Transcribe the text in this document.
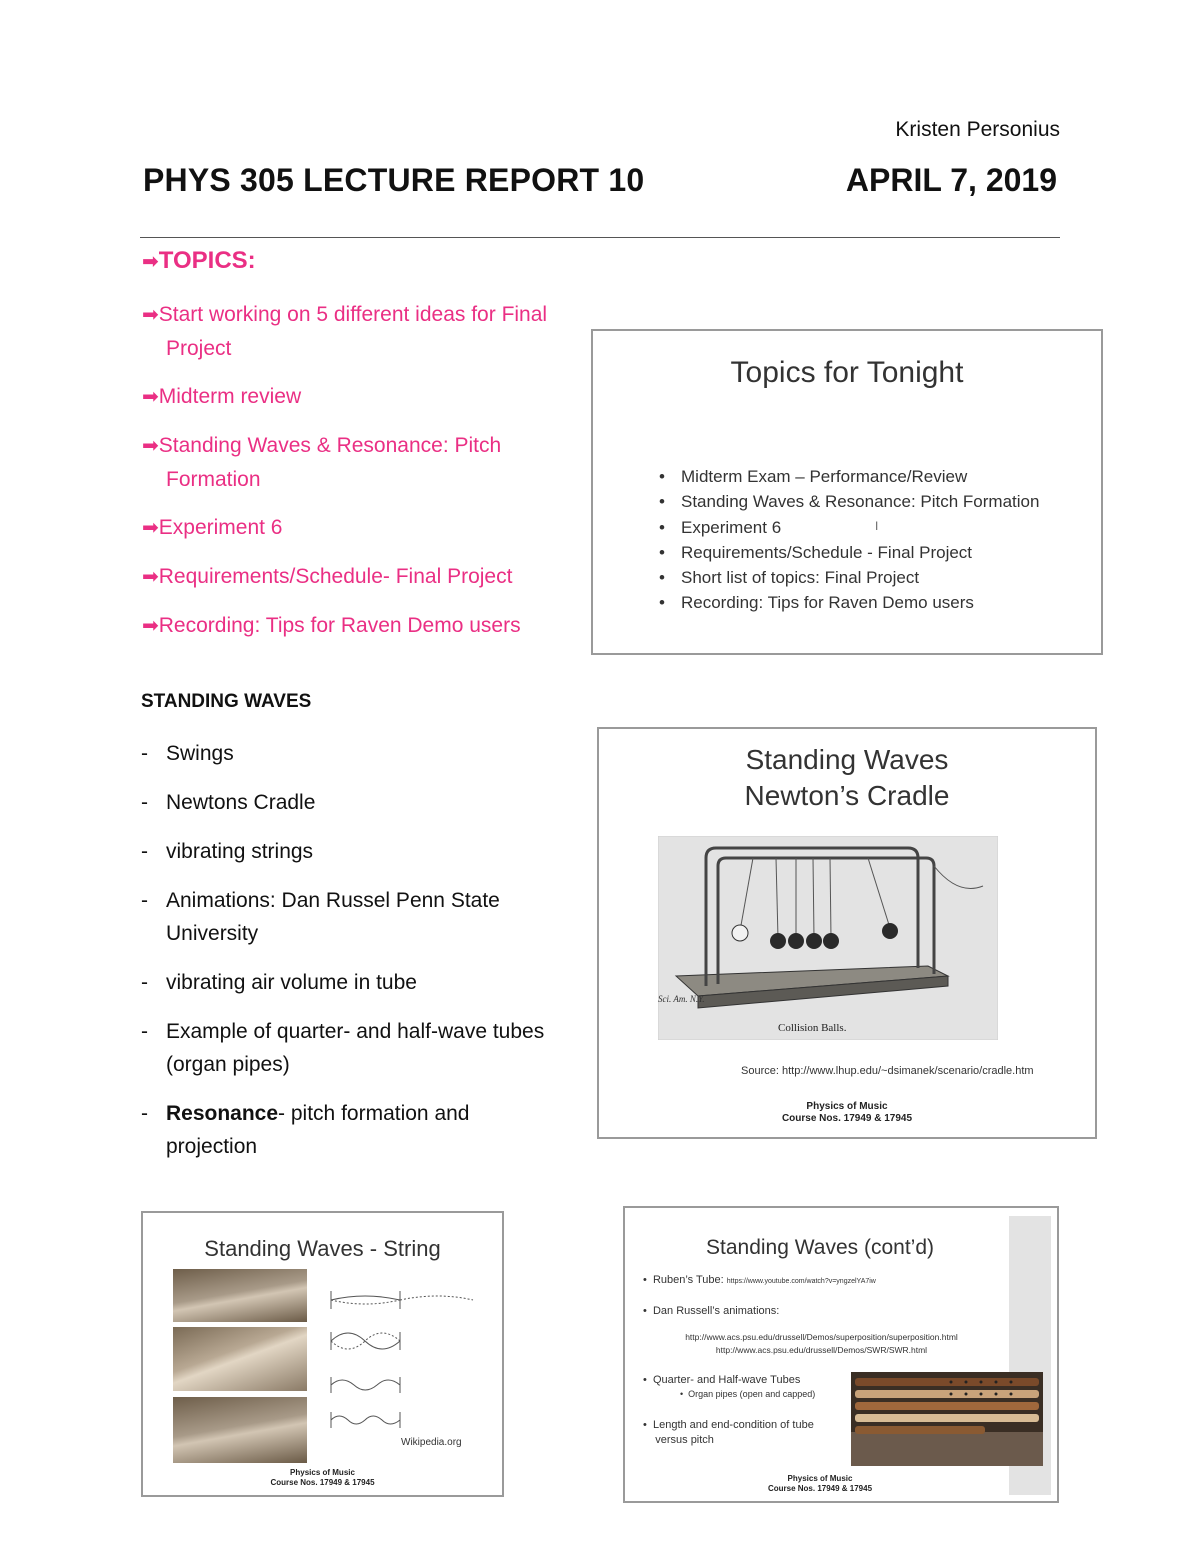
Kristen Personius
PHYS 305 LECTURE REPORT 10	APRIL 7, 2019
➡TOPICS:
➡Start working on 5 different ideas for Final Project
➡Midterm review
➡Standing Waves & Resonance: Pitch Formation
➡Experiment 6
➡Requirements/Schedule- Final Project
➡Recording: Tips for Raven Demo users
STANDING WAVES
- Swings
- Newtons Cradle
- vibrating strings
- Animations: Dan Russel Penn State University
- vibrating air volume in tube
- Example of quarter- and half-wave tubes (organ pipes)
- Resonance- pitch formation and projection
Topics for Tonight
• Midterm Exam – Performance/Review
• Standing Waves & Resonance: Pitch Formation
• Experiment 6
• Requirements/Schedule - Final Project
• Short list of topics: Final Project
• Recording: Tips for Raven Demo users
I
Standing Waves
Newton’s Cradle
Sci. Am. N.Y.
Collision Balls.
Source: http://www.lhup.edu/~dsimanek/scenario/cradle.htm
Physics of Music
Course Nos. 17949 & 17945
Standing Waves - String
Wikipedia.org
Physics of Music
Course Nos. 17949 & 17945
Standing Waves (cont’d)
•  Ruben’s Tube: https://www.youtube.com/watch?v=yngzelYA7iw
•  Dan Russell’s animations:
http://www.acs.psu.edu/drussell/Demos/superposition/superposition.html
http://www.acs.psu.edu/drussell/Demos/SWR/SWR.html
•  Quarter- and Half-wave Tubes
•  Organ pipes (open and capped)
•  Length and end-condition of tube
versus pitch
Physics of Music
Course Nos. 17949 & 17945
